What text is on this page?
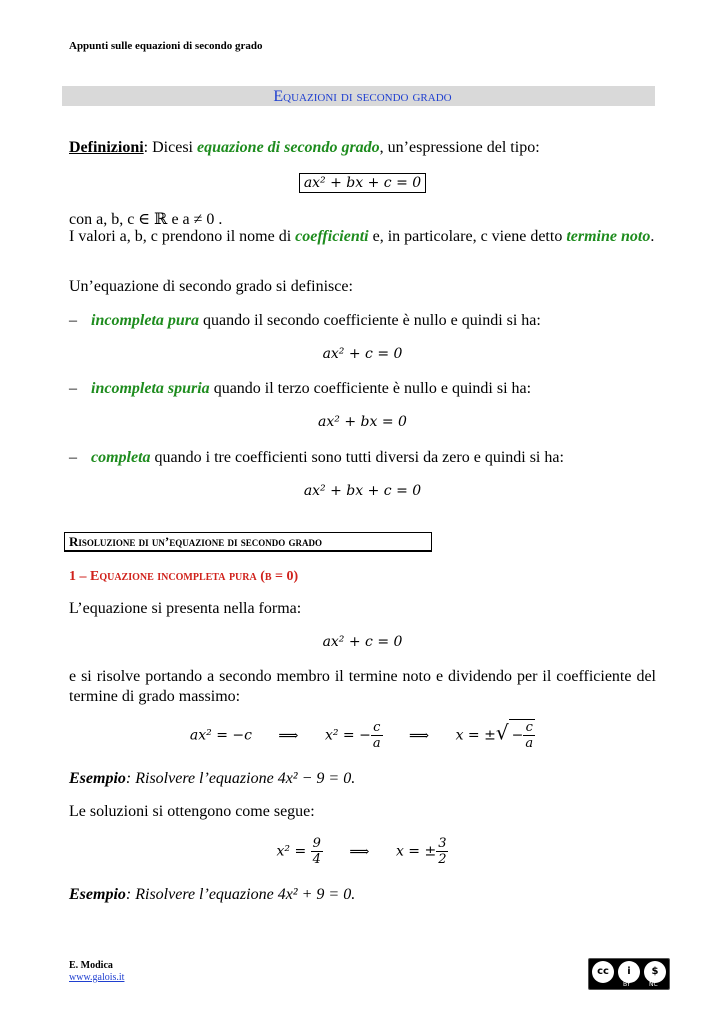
Appunti sulle equazioni di secondo grado
Equazioni di secondo grado
Definizioni: Dicesi equazione di secondo grado, un’espressione del tipo:
ax² + bx + c = 0
con a, b, c ∈ ℝ e a ≠ 0 .
I valori a, b, c prendono il nome di coefficienti e, in particolare, c viene detto termine noto.
Un’equazione di secondo grado si definisce:
– incompleta pura quando il secondo coefficiente è nullo e quindi si ha:
ax² + c = 0
– incompleta spuria quando il terzo coefficiente è nullo e quindi si ha:
ax² + bx = 0
– completa quando i tre coefficienti sono tutti diversi da zero e quindi si ha:
ax² + bx + c = 0
Risoluzione di un’equazione di secondo grado
1 – Equazione incompleta pura (b = 0)
L’equazione si presenta nella forma:
ax² + c = 0
e si risolve portando a secondo membro il termine noto e dividendo per il coefficiente del termine di grado massimo:
ax² = −c ⟹ x² = − $\frac{c}{a}$ ⟹ x = ±√ − $\frac{c}{a}$
Esempio: Risolvere l’equazione 4x² − 9 = 0.
Le soluzioni si ottengono come segue:
$x^2 = \frac{9}{4}$ ⟹ x = ± $\frac{3}{2}$
Esempio: Risolvere l’equazione 4x² + 9 = 0.
E. Modica
www.galois.it
cc	i	$
BY	NC
